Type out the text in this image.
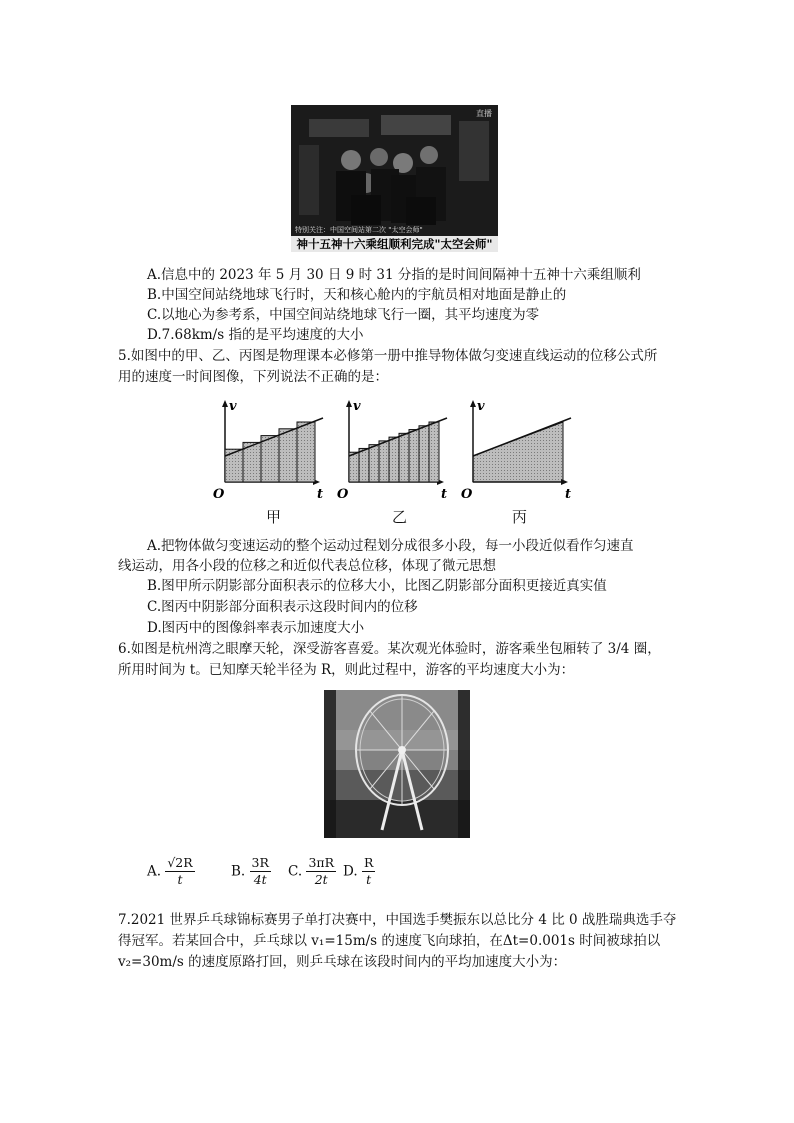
直播
特别关注：中国空间站第二次 "太空会师"
神十五神十六乘组顺利完成"太空会师"
A.信息中的 2023 年 5 月 30 日 9 时 31 分指的是时间间隔神十五神十六乘组顺利
B.中国空间站绕地球飞行时，天和核心舱内的宇航员相对地面是静止的
C.以地心为参考系，中国空间站绕地球飞行一圈，其平均速度为零
D.7.68km/s 指的是平均速度的大小
5.如图中的甲、乙、丙图是物理课本必修第一册中推导物体做匀变速直线运动的位移公式所
用的速度一时间图像，下列说法不正确的是：
v
O	t
v
O	t
v
O	t
甲	乙	丙
A.把物体做匀变速运动的整个运动过程划分成很多小段，每一小段近似看作匀速直
线运动，用各小段的位移之和近似代表总位移，体现了微元思想
B.图甲所示阴影部分面积表示的位移大小，比图乙阴影部分面积更接近真实值
C.图丙中阴影部分面积表示这段时间内的位移
D.图丙中的图像斜率表示加速度大小
6.如图是杭州湾之眼摩天轮，深受游客喜爱。某次观光体验时，游客乘坐包厢转了 3/4 圈，
所用时间为 t。已知摩天轮半径为 R，则此过程中，游客的平均速度大小为：
A. $\frac{√2R}{t}$	B. $\frac{3R}{4t} C$. $\frac{3\pi R}{2t} D$. $\frac{R}{t}$
7.2021 世界乒乓球锦标赛男子单打决赛中，中国选手樊振东以总比分 4 比 0 战胜瑞典选手夺
得冠军。若某回合中，乒乓球以 v₁=15m/s 的速度飞向球拍，在Δt=0.001s 时间被球拍以
v₂=30m/s 的速度原路打回，则乒乓球在该段时间内的平均加速度大小为：
